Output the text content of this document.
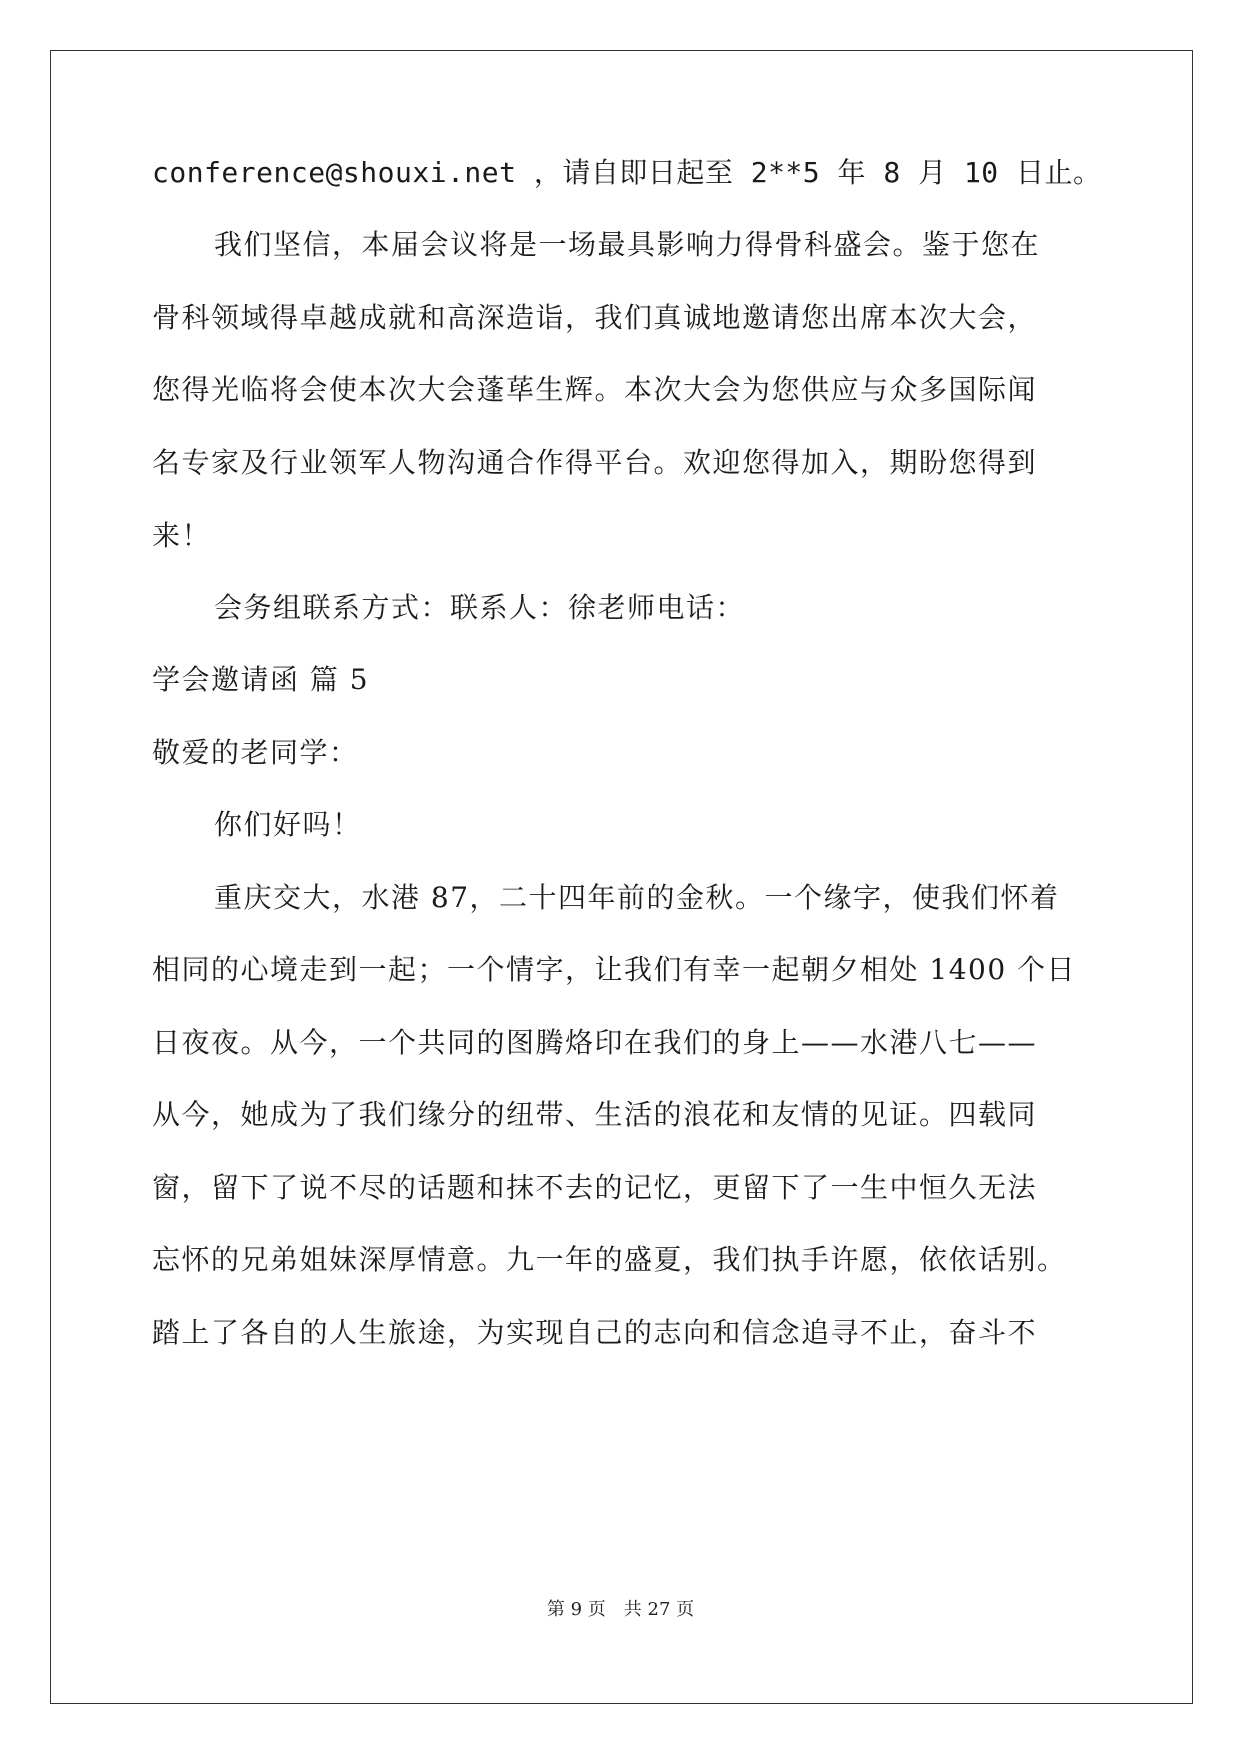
conference@shouxi.net ，请自即日起至 2**5 年 8 月 10 日止。

我们坚信，本届会议将是一场最具影响力得骨科盛会。鉴于您在

骨科领域得卓越成就和高深造诣，我们真诚地邀请您出席本次大会，

您得光临将会使本次大会蓬荜生辉。本次大会为您供应与众多国际闻

名专家及行业领军人物沟通合作得平台。欢迎您得加入，期盼您得到

来！

会务组联系方式：联系人：徐老师电话：

学会邀请函 篇 5

敬爱的老同学：

你们好吗！

重庆交大，水港 87，二十四年前的金秋。一个缘字，使我们怀着

相同的心境走到一起；一个情字，让我们有幸一起朝夕相处 1400 个日

日夜夜。从今，一个共同的图腾烙印在我们的身上——水港八七——

从今，她成为了我们缘分的纽带、生活的浪花和友情的见证。四载同

窗，留下了说不尽的话题和抹不去的记忆，更留下了一生中恒久无法

忘怀的兄弟姐妹深厚情意。九一年的盛夏，我们执手许愿，依依话别。

踏上了各自的人生旅途，为实现自己的志向和信念追寻不止，奋斗不

第 9 页 共 27 页
